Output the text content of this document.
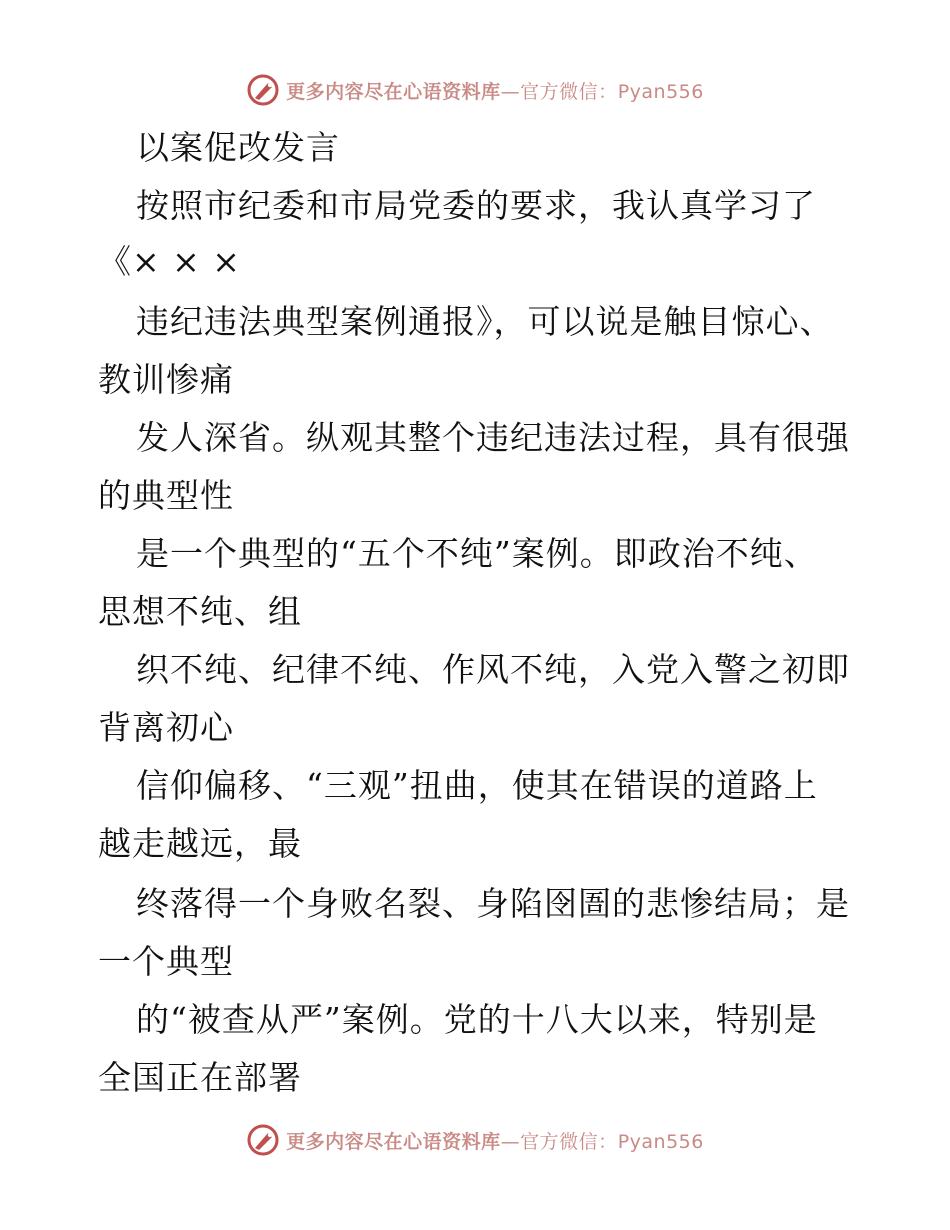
更多内容尽在心语资料库—官方微信：Pyan556
以案促改发言
按照市纪委和市局党委的要求，我认真学习了
《× × ×
违纪违法典型案例通报》，可以说是触目惊心、
教训惨痛
发人深省。纵观其整个违纪违法过程，具有很强
的典型性
是一个典型的“五个不纯”案例。即政治不纯、
思想不纯、组
织不纯、纪律不纯、作风不纯，入党入警之初即
背离初心
信仰偏移、“三观”扭曲，使其在错误的道路上
越走越远，最
终落得一个身败名裂、身陷囹圄的悲惨结局；是
一个典型
的“被查从严”案例。党的十八大以来，特别是
全国正在部署
更多内容尽在心语资料库—官方微信：Pyan556
